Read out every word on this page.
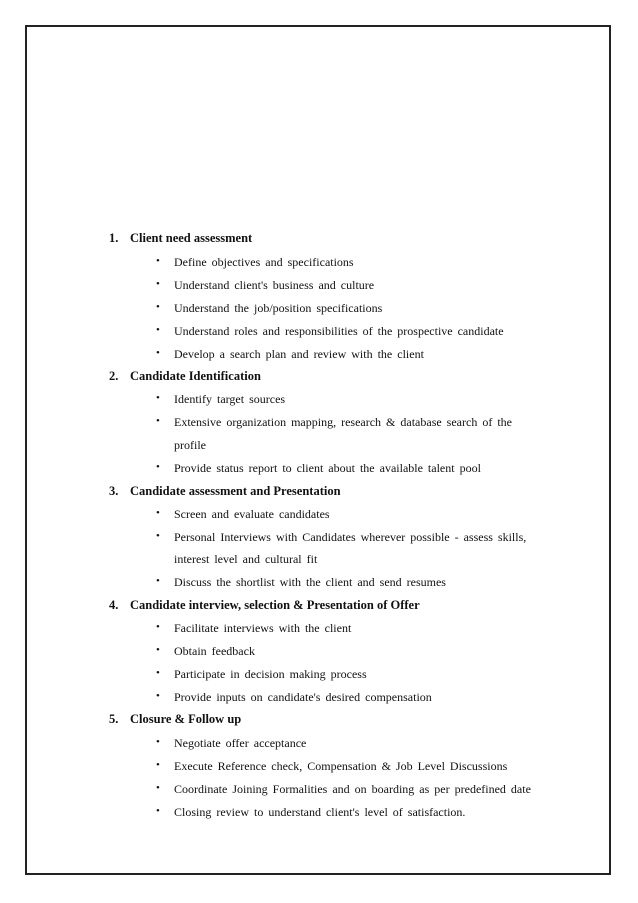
1. Client need assessment
• Define objectives and specifications
• Understand client's business and culture
• Understand the job/position specifications
• Understand roles and responsibilities of the prospective candidate
• Develop a search plan and review with the client
2. Candidate Identification
• Identify target sources
• Extensive organization mapping, research & database search of the
profile
• Provide status report to client about the available talent pool
3. Candidate assessment and Presentation
• Screen and evaluate candidates
• Personal Interviews with Candidates wherever possible - assess skills,
interest level and cultural fit
• Discuss the shortlist with the client and send resumes
4. Candidate interview, selection & Presentation of Offer
• Facilitate interviews with the client
• Obtain feedback
• Participate in decision making process
• Provide inputs on candidate's desired compensation
5. Closure & Follow up
• Negotiate offer acceptance
• Execute Reference check, Compensation & Job Level Discussions
• Coordinate Joining Formalities and on boarding as per predefined date
• Closing review to understand client's level of satisfaction.
